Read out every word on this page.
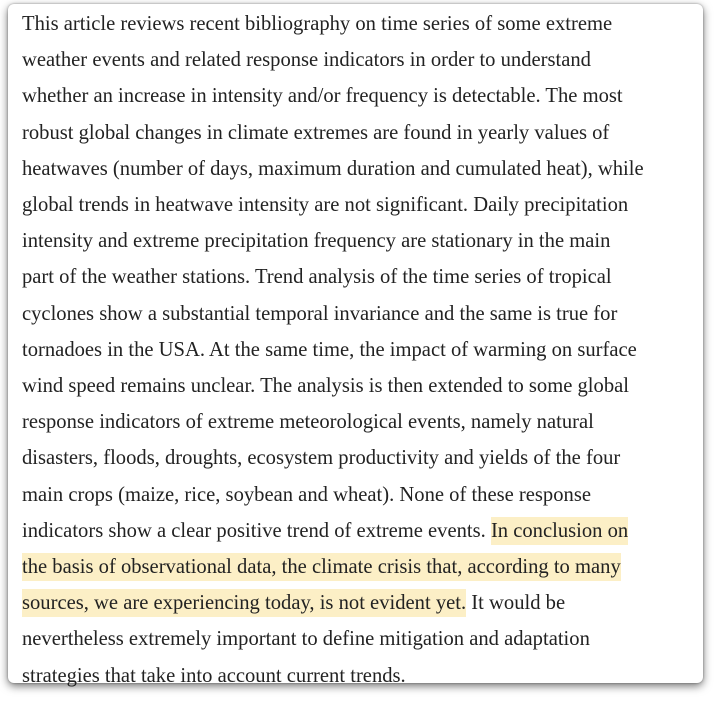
This article reviews recent bibliography on time series of some extreme
weather events and related response indicators in order to understand
whether an increase in intensity and/or frequency is detectable. The most
robust global changes in climate extremes are found in yearly values of
heatwaves (number of days, maximum duration and cumulated heat), while
global trends in heatwave intensity are not significant. Daily precipitation
intensity and extreme precipitation frequency are stationary in the main
part of the weather stations. Trend analysis of the time series of tropical
cyclones show a substantial temporal invariance and the same is true for
tornadoes in the USA. At the same time, the impact of warming on surface
wind speed remains unclear. The analysis is then extended to some global
response indicators of extreme meteorological events, namely natural
disasters, floods, droughts, ecosystem productivity and yields of the four
main crops (maize, rice, soybean and wheat). None of these response
indicators show a clear positive trend of extreme events. In conclusion on
the basis of observational data, the climate crisis that, according to many
sources, we are experiencing today, is not evident yet. It would be
nevertheless extremely important to define mitigation and adaptation
strategies that take into account current trends.
